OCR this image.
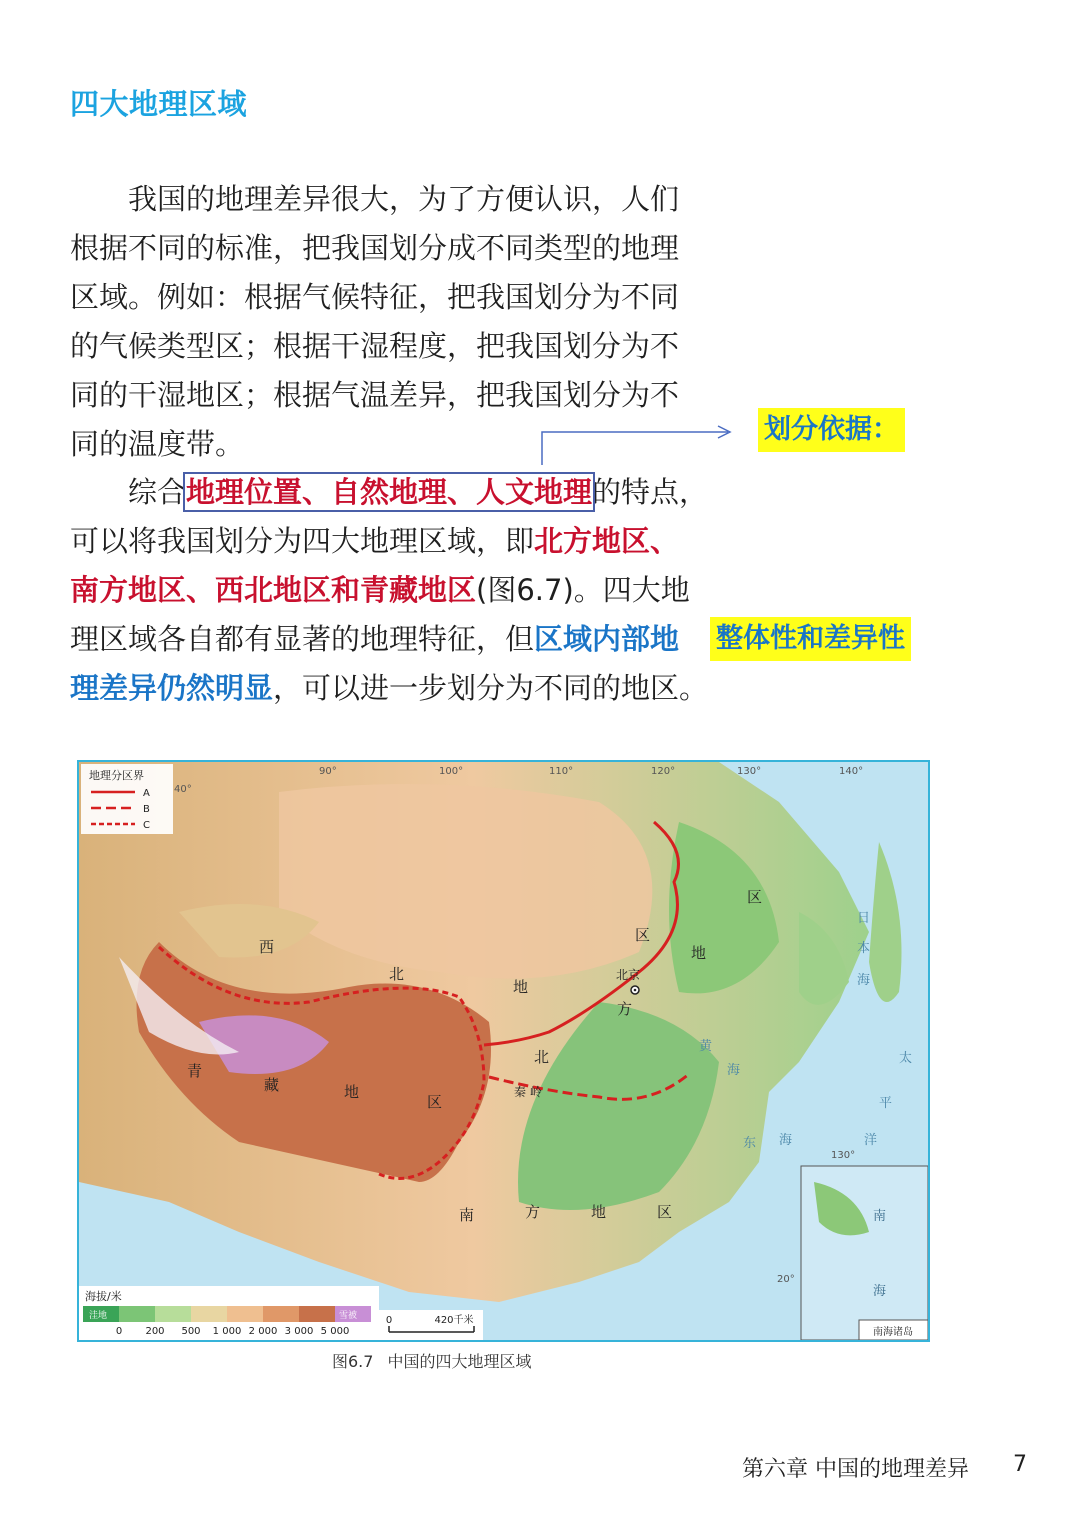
四大地理区域
我国的地理差异很大，为了方便认识，人们
根据不同的标准，把我国划分成不同类型的地理
区域。例如：根据气候特征，把我国划分为不同
的气候类型区；根据干湿程度，把我国划分为不
同的干湿地区；根据气温差异，把我国划分为不
同的温度带。
综合地理位置、自然地理、人文地理的特点，
可以将我国划分为四大地理区域，即北方地区、
南方地区、西北地区和青藏地区(图6.7)。四大地
理区域各自都有显著的地理特征，但区域内部地
理差异仍然明显，可以进一步划分为不同的地区。
划分依据：
整体性和差异性
南海诸岛
南
海
地理分区界
A
B
C
90°	100°	110°	120°	130°	140°
130°
40°
20°
西
北
地
区
北
方
地
区
青
藏	地
区
南	方	地	区
北京
秦 岭
黄
海
东 海
太
平
洋
日
本
海
海拔/米
洼地	雪被
0 200 500 1 000 2 000 3 000 5 000
0	420千米
图6.7 中国的四大地理区域
第六章 中国的地理差异 7
